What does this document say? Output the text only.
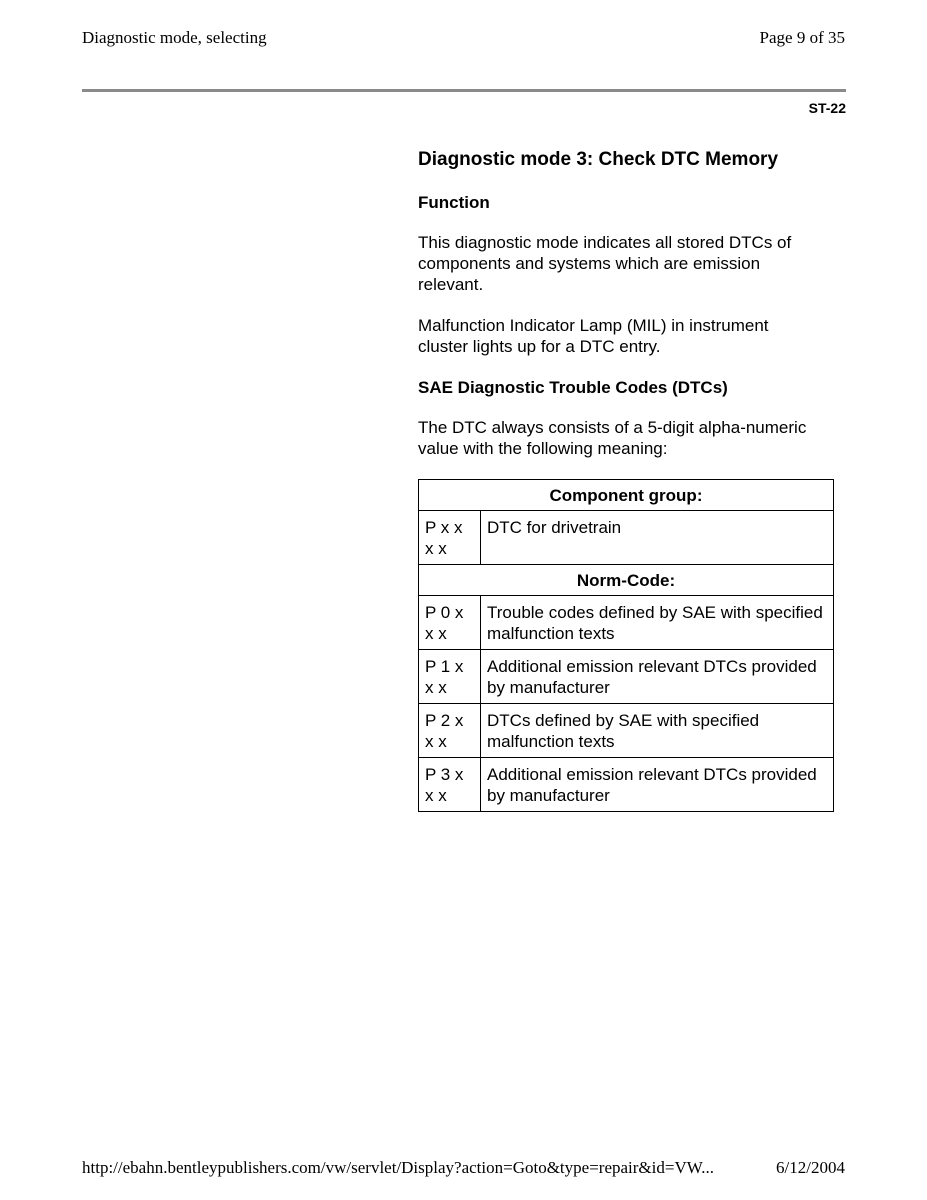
Diagnostic mode, selecting	Page 9 of 35
ST-22
Diagnostic mode 3: Check DTC Memory
Function

This diagnostic mode indicates all stored DTCs of components and systems which are emission relevant.

Malfunction Indicator Lamp (MIL) in instrument cluster lights up for a DTC entry.

SAE Diagnostic Trouble Codes (DTCs)

The DTC always consists of a 5-digit alpha-numeric value with the following meaning:

Component group:	
P x x x x	DTC for drivetrain
Norm-Code:	
P 0 x x x	Trouble codes defined by SAE with specified malfunction texts
P 1 x x x	Additional emission relevant DTCs provided by manufacturer
P 2 x x x	DTCs defined by SAE with specified malfunction texts
P 3 x x x	Additional emission relevant DTCs provided by manufacturer
http://ebahn.bentleypublishers.com/vw/servlet/Display?action=Goto&type=repair&id=VW...	6/12/2004
